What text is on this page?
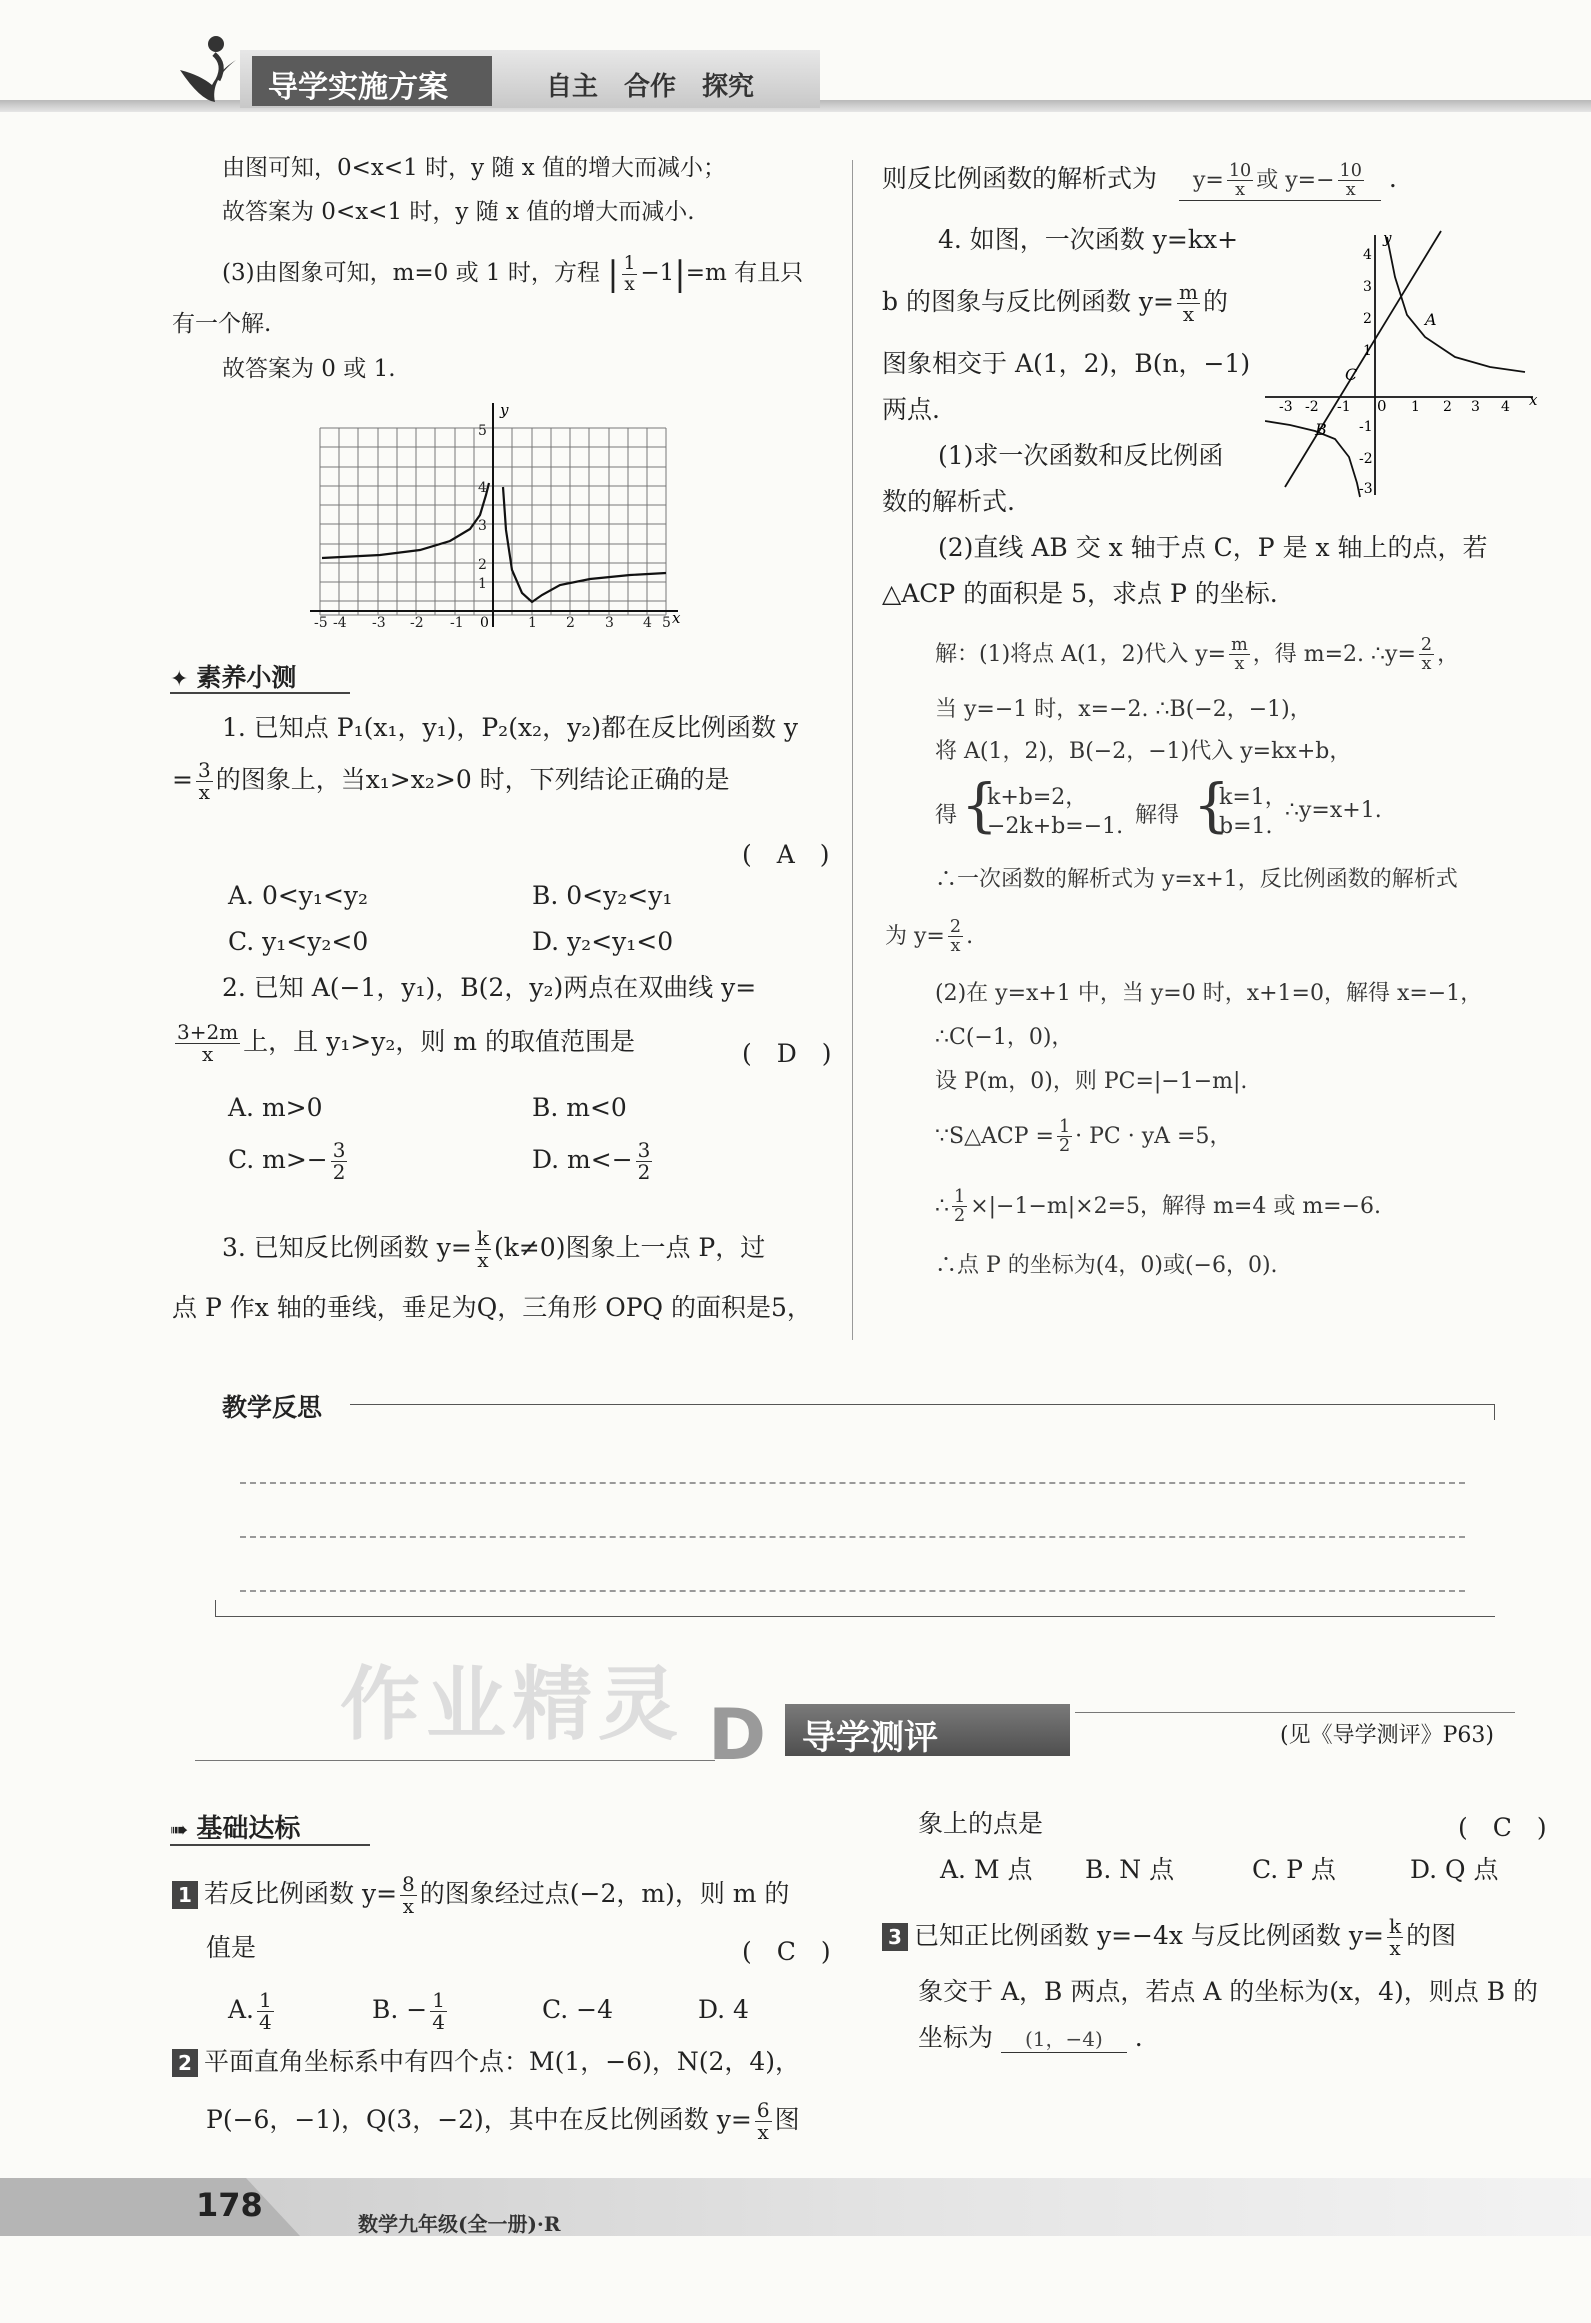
导学实施方案	自主　合作　探究
由图可知，0<x<1 时，y 随 x 值的增大而减小；
故答案为 0<x<1 时，y 随 x 值的增大而减小.
(3)由图象可知，m=0 或 1 时，方程 | $\frac{1}{x} -1|=m$ 有且只
有一个解.
故答案为 0 或 1.
y
x
0
-5 -4 -3 -2 -1	1 2 3 4 5
1
2
3
4
5
✦ 素养小测
1. 已知点 P₁(x₁，y₁)，P₂(x₂，y₂)都在反比例函数 y
= $\frac{3}{x}$ 的图象上，当x₁>x₂>0 时，下列结论正确的是
(　A　)
A. 0<y₁<y₂	B. 0<y₂<y₁
C. y₁<y₂<0	D. y₂<y₁<0
2. 已知 A(−1，y₁)，B(2，y₂)两点在双曲线 y=
$\frac{3+2m}{x}$ 上，且 y₁>y₂，则 m 的取值范围是	(　D　)
A. m>0	B. m<0
C. $m>- \frac{3}{2}$	D. $m<- \frac{3}{2}$
3. 已知反比例函数 $y= \frac{k}{x} (k\ne 0)$图象上一点 P，过
点 P 作x 轴的垂线，垂足为Q，三角形 OPQ 的面积是5，
则反比例函数的解析式为 $y= \frac{10}{x}$ 或 $y=- \frac{10}{x}$ .
4. 如图，一次函数 y=kx+
b 的图象与反比例函数 $y= \frac{m}{x}$ 的
图象相交于 A(1，2)，B(n，−1)
两点.
(1)求一次函数和反比例函
数的解析式.
(2)直线 AB 交 x 轴于点 C，P 是 x 轴上的点，若
△ACP 的面积是 5，求点 P 的坐标.
y
x
0
A
B
C
-3 -2 -1	1 2 3 4
4
3
2
1
-1
-2
-3
解：(1)将点 A(1，2)代入 $y= \frac{m}{x}$ ，得 m=2. ∴y= $\frac{2}{x}$ ，
当 y=−1 时，x=−2. ∴B(−2，−1)，
将 A(1，2)，B(−2，−1)代入 y=kx+b，
得 {
k+b=2，
−2k+b=−1. 解得 {
k=1，
b=1.
∴y=x+1.
∴一次函数的解析式为 y=x+1，反比例函数的解析式
为 $y= \frac{2}{x}$ .
(2)在 y=x+1 中，当 y=0 时，x+1=0，解得 x=−1，
∴C(−1，0)，
设 P(m，0)，则 PC=|−1−m|.
∵S△ACP = $\frac{1}{2}$ · PC · yA =5，
∴ $\frac{1}{2} \times|-1-m|\times 2=5$，解得 m=4 或 m=−6.
∴点 P 的坐标为(4，0)或(−6，0).
教学反思
作业精灵 D 导学测评	(见《导学测评》P63)
➠ 基础达标
1 若反比例函数 $y= \frac{8}{x}$ 的图象经过点(−2，m)，则 m 的
值是	(　C　)
A. $\frac{1}{4}$	B. − $\frac{1}{4}$	C. −4	D. 4
2 平面直角坐标系中有四个点：M(1，−6)，N(2，4)，
P(−6，−1)，Q(3，−2)，其中在反比例函数 $y= \frac{6}{x}$ 图
象上的点是	(　C　)
A. M 点 B. N 点	C. P 点	D. Q 点
3 已知正比例函数 y=−4x 与反比例函数 $y= \frac{k}{x}$ 的图
象交于 A，B 两点，若点 A 的坐标为(x，4)，则点 B 的
坐标为 (1，−4) .
178	数学九年级(全一册)·R
